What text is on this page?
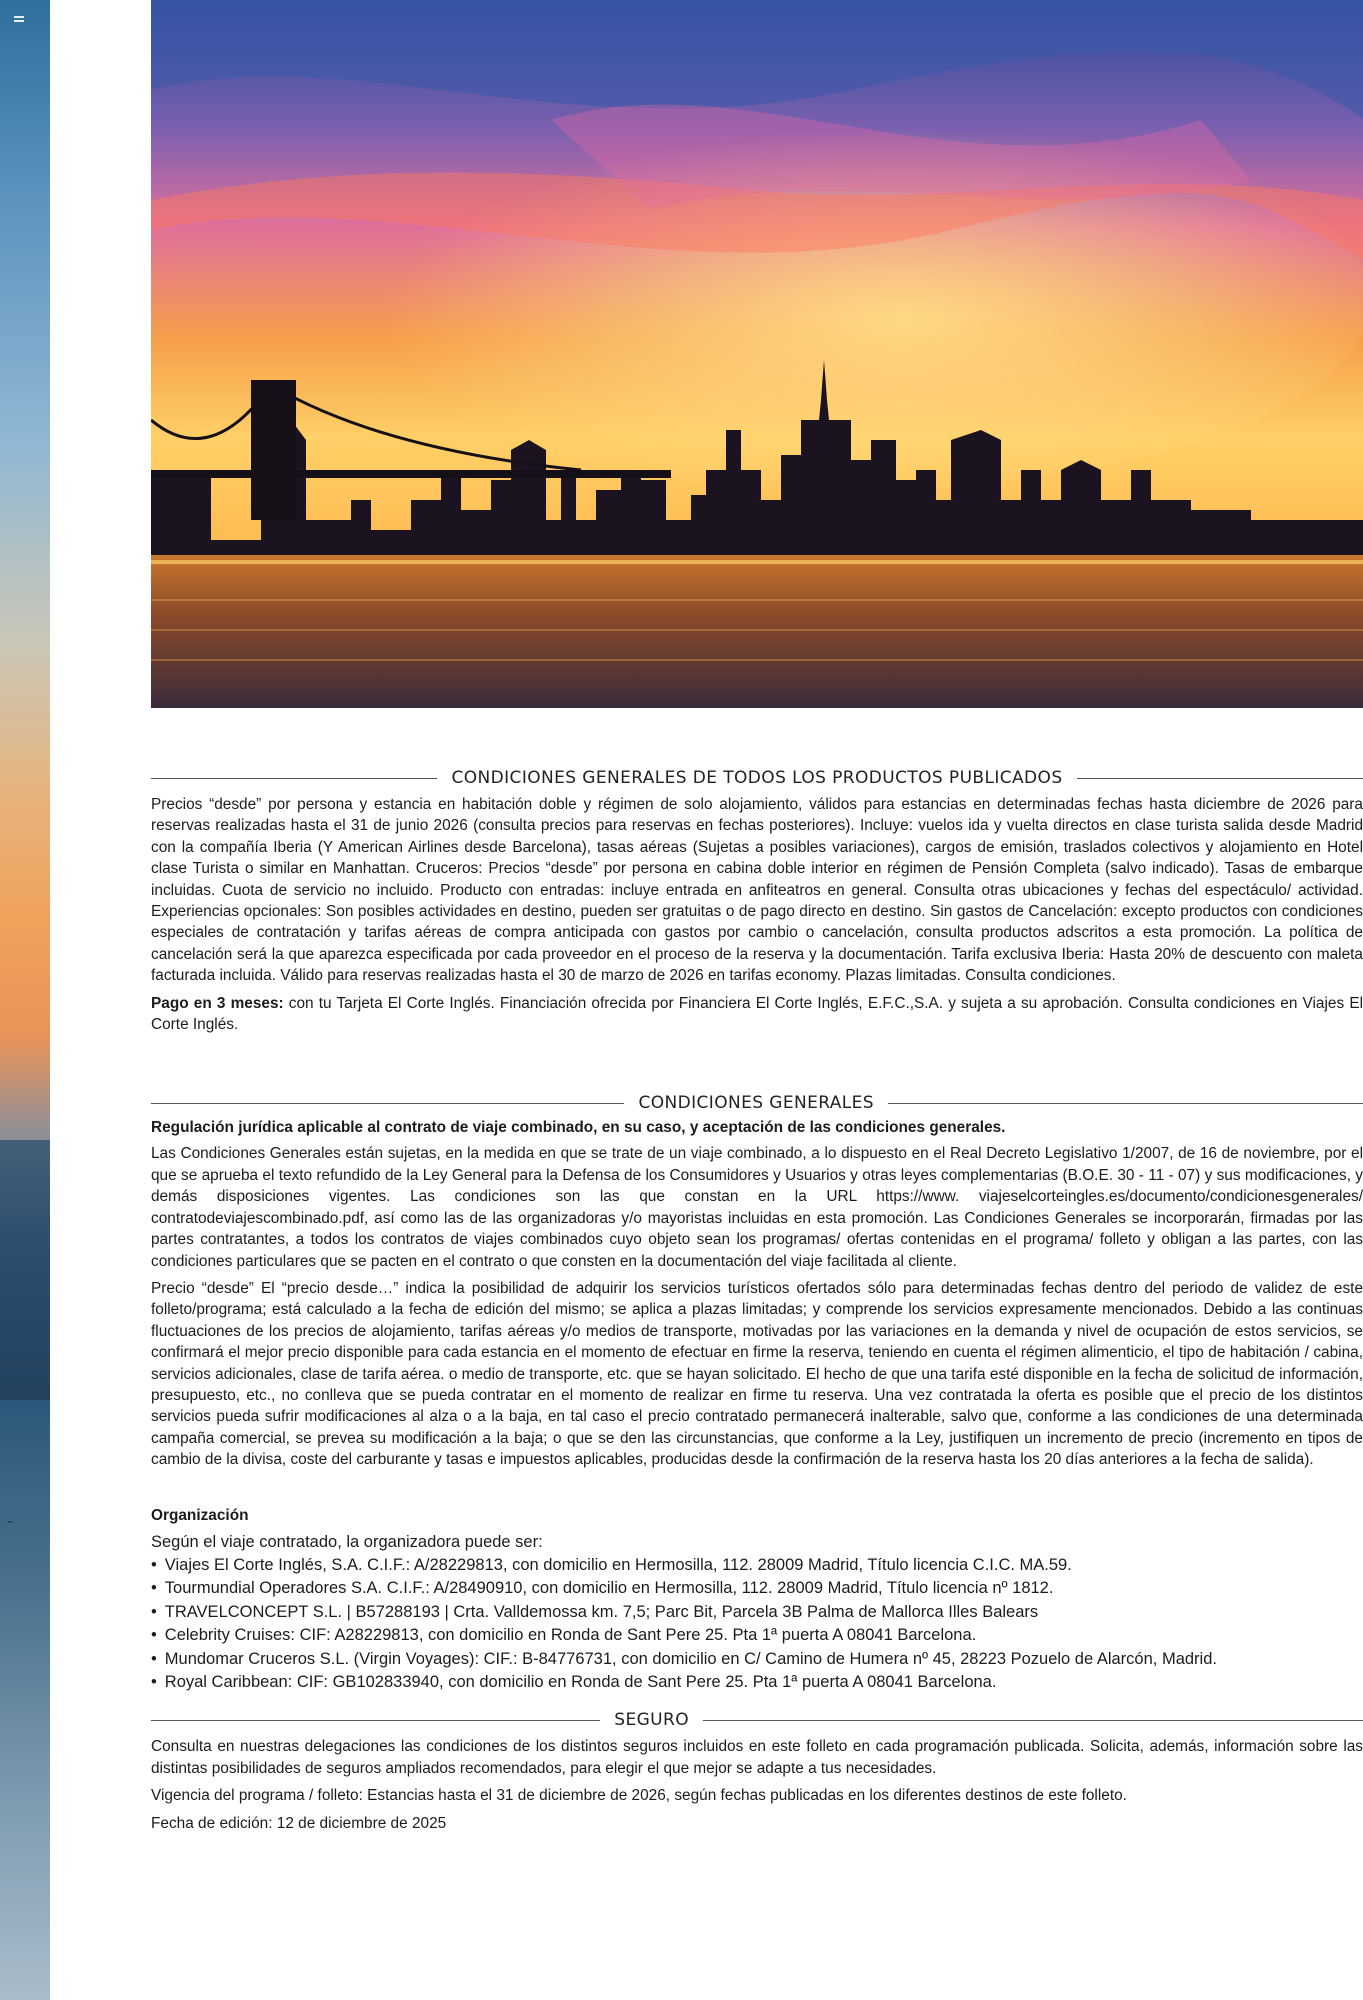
CONDICIONES GENERALES DE TODOS LOS PRODUCTOS PUBLICADOS

Precios “desde” por persona y estancia en habitación doble y régimen de solo alojamiento, válidos para estancias en determinadas fechas hasta diciembre de 2026 para reservas realizadas hasta el 31 de junio 2026 (consulta precios para reservas en fechas posteriores). Incluye: vuelos ida y vuelta directos en clase turista salida desde Madrid con la compañía Iberia (Y American Airlines desde Barcelona), tasas aéreas (Sujetas a posibles variaciones), cargos de emisión, traslados colectivos y alojamiento en Hotel clase Turista o similar en Manhattan. Cruceros: Precios “desde” por persona en cabina doble interior en régimen de Pensión Completa (salvo indicado). Tasas de embarque incluidas. Cuota de servicio no incluido. Producto con entradas: incluye entrada en anfiteatros en general. Consulta otras ubicaciones y fechas del espectáculo/ actividad. Experiencias opcionales: Son posibles actividades en destino, pueden ser gratuitas o de pago directo en destino. Sin gastos de Cancelación: excepto productos con condiciones especiales de contratación y tarifas aéreas de compra anticipada con gastos por cambio o cancelación, consulta productos adscritos a esta promoción. La política de cancelación será la que aparezca especificada por cada proveedor en el proceso de la reserva y la documentación. Tarifa exclusiva Iberia: Hasta 20% de descuento con maleta facturada incluida. Válido para reservas realizadas hasta el 30 de marzo de 2026 en tarifas economy. Plazas limitadas. Consulta condiciones.

Pago en 3 meses: con tu Tarjeta El Corte Inglés. Financiación ofrecida por Financiera El Corte Inglés, E.F.C.,S.A. y sujeta a su aprobación. Consulta condiciones en Viajes El Corte Inglés.

CONDICIONES GENERALES
Regulación jurídica aplicable al contrato de viaje combinado, en su caso, y aceptación de las condiciones generales.

Las Condiciones Generales están sujetas, en la medida en que se trate de un viaje combinado, a lo dispuesto en el Real Decreto Legislativo 1/2007, de 16 de noviembre, por el que se aprueba el texto refundido de la Ley General para la Defensa de los Consumidores y Usuarios y otras leyes complementarias (B.O.E. 30 - 11 - 07) y sus modificaciones, y demás disposiciones vigentes. Las condiciones son las que constan en la URL https://www. viajeselcorteingles.es/documento/condicionesgenerales/ contratodeviajescombinado.pdf, así como las de las organizadoras y/o mayoristas incluidas en esta promoción. Las Condiciones Generales se incorporarán, firmadas por las partes contratantes, a todos los contratos de viajes combinados cuyo objeto sean los programas/ ofertas contenidas en el programa/ folleto y obligan a las partes, con las condiciones particulares que se pacten en el contrato o que consten en la documentación del viaje facilitada al cliente.

Precio “desde” El “precio desde…” indica la posibilidad de adquirir los servicios turísticos ofertados sólo para determinadas fechas dentro del periodo de validez de este folleto/programa; está calculado a la fecha de edición del mismo; se aplica a plazas limitadas; y comprende los servicios expresamente mencionados. Debido a las continuas fluctuaciones de los precios de alojamiento, tarifas aéreas y/o medios de transporte, motivadas por las variaciones en la demanda y nivel de ocupación de estos servicios, se confirmará el mejor precio disponible para cada estancia en el momento de efectuar en firme la reserva, teniendo en cuenta el régimen alimenticio, el tipo de habitación / cabina, servicios adicionales, clase de tarifa aérea. o medio de transporte, etc. que se hayan solicitado. El hecho de que una tarifa esté disponible en la fecha de solicitud de información, presupuesto, etc., no conlleva que se pueda contratar en el momento de realizar en firme tu reserva. Una vez contratada la oferta es posible que el precio de los distintos servicios pueda sufrir modificaciones al alza o a la baja, en tal caso el precio contratado permanecerá inalterable, salvo que, conforme a las condiciones de una determinada campaña comercial, se prevea su modificación a la baja; o que se den las circunstancias, que conforme a la Ley, justifiquen un incremento de precio (incremento en tipos de cambio de la divisa, coste del carburante y tasas e impuestos aplicables, producidas desde la confirmación de la reserva hasta los 20 días anteriores a la fecha de salida).

Organización

Según el viaje contratado, la organizadora puede ser:

• Viajes El Corte Inglés, S.A. C.I.F.: A/28229813, con domicilio en Hermosilla, 112. 28009 Madrid, Título licencia C.I.C. MA.59.
• Tourmundial Operadores S.A. C.I.F.: A/28490910, con domicilio en Hermosilla, 112. 28009 Madrid, Título licencia nº 1812.
• TRAVELCONCEPT S.L. | B57288193 | Crta. Valldemossa km. 7,5; Parc Bit, Parcela 3B Palma de Mallorca Illes Balears
• Celebrity Cruises: CIF: A28229813, con domicilio en Ronda de Sant Pere 25. Pta 1ª puerta A 08041 Barcelona.
• Mundomar Cruceros S.L. (Virgin Voyages): CIF.: B-84776731, con domicilio en C/ Camino de Humera nº 45, 28223 Pozuelo de Alarcón, Madrid.
• Royal Caribbean: CIF: GB102833940, con domicilio en Ronda de Sant Pere 25. Pta 1ª puerta A 08041 Barcelona.
SEGURO

Consulta en nuestras delegaciones las condiciones de los distintos seguros incluidos en este folleto en cada programación publicada. Solicita, además, información sobre las distintas posibilidades de seguros ampliados recomendados, para elegir el que mejor se adapte a tus necesidades.

Vigencia del programa / folleto: Estancias hasta el 31 de diciembre de 2026, según fechas publicadas en los diferentes destinos de este folleto.

Fecha de edición: 12 de diciembre de 2025
